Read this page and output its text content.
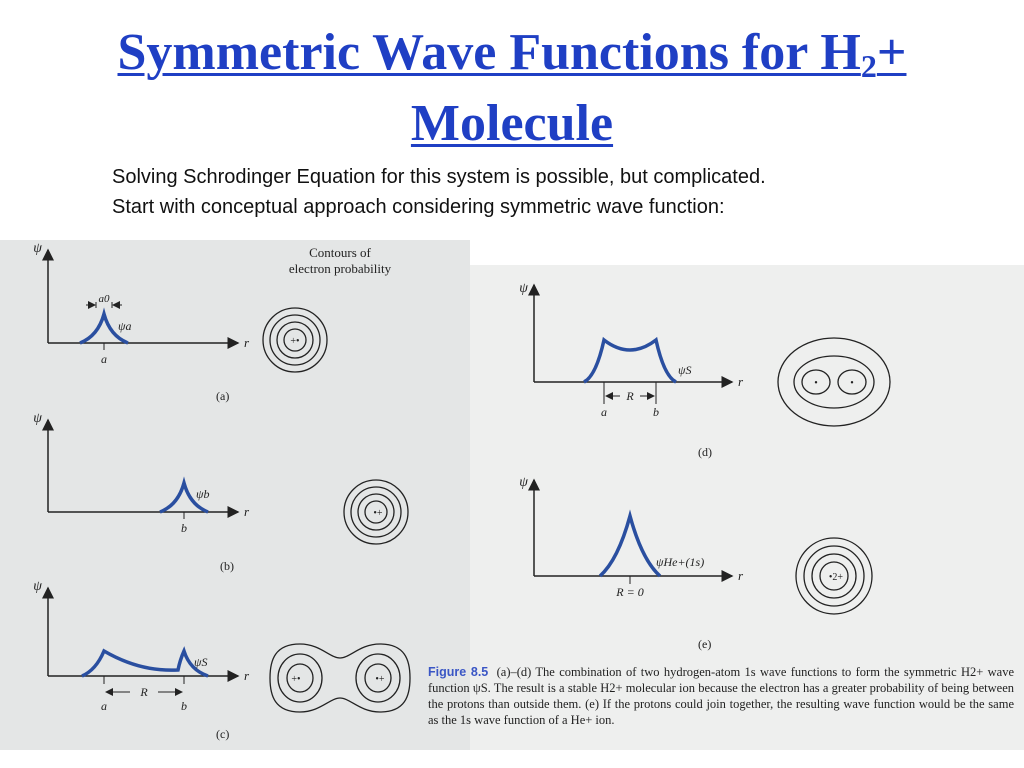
Symmetric Wave Functions for $H_2+$
Molecule
Solving Schrodinger Equation for this system is possible, but complicated.
Start with conceptual approach considering symmetric wave function:
Contours of
electron probability
ψ
r
a
a0
ψa
(a)
+•
ψ
r
b
ψb
(b)
•+
ψ
r
R
a	b
ψS
(c)
+•	•+
ψ
r
R
a	b
ψS
(d)
•	•
ψ
r
R = 0
ψHe+(1s)
(e)
•2+
Figure 8.5 (a)–(d) The combination of two hydrogen-atom 1s wave functions to form the symmetric H2+ wave function ψS. The result is a stable H2+ molecular ion because the electron has a greater probability of being between the protons than outside them. (e) If the protons could join together, the resulting wave function would be the same as the 1s wave function of a He+ ion.
